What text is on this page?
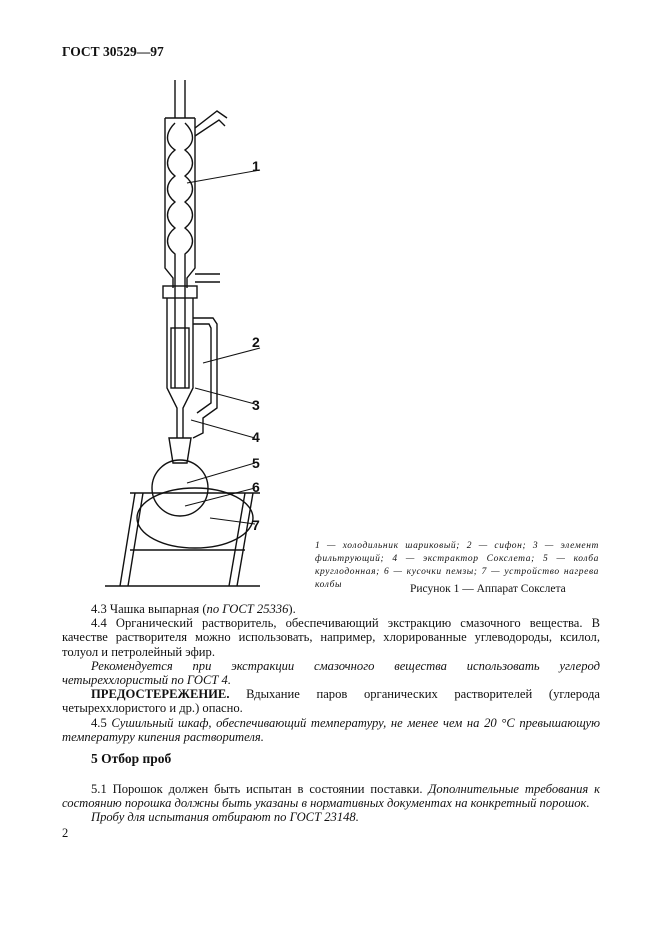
ГОСТ 30529—97
1
2
3
4
5
6
7
1 — холодильник шариковый; 2 — сифон; 3 — элемент фильтрующий; 4 — экстрактор Сокслета; 5 — колба круглодонная; 6 — кусочки пемзы; 7 — устройство нагрева колбы	Рисунок 1 — Аппарат Сокслета

4.3 Чашка выпарная (по ГОСТ 25336).

4.4 Органический растворитель, обеспечивающий экстракцию смазочного вещества. В качестве растворителя можно использовать, например, хлорированные углеводороды, ксилол, толуол и петролейный эфир.

Рекомендуется при экстракции смазочного вещества использовать углерод четыреххлористый по ГОСТ 4.

ПРЕДОСТЕРЕЖЕНИЕ. Вдыхание паров органических растворителей (углерода четыреххлористого и др.) опасно.

4.5 Сушильный шкаф, обеспечивающий температуру, не менее чем на 20 °С превышающую температуру кипения растворителя.

5 Отбор проб

5.1 Порошок должен быть испытан в состоянии поставки. Дополнительные требования к состоянию порошка должны быть указаны в нормативных документах на конкретный порошок.

Пробу для испытания отбирают по ГОСТ 23148.

2
